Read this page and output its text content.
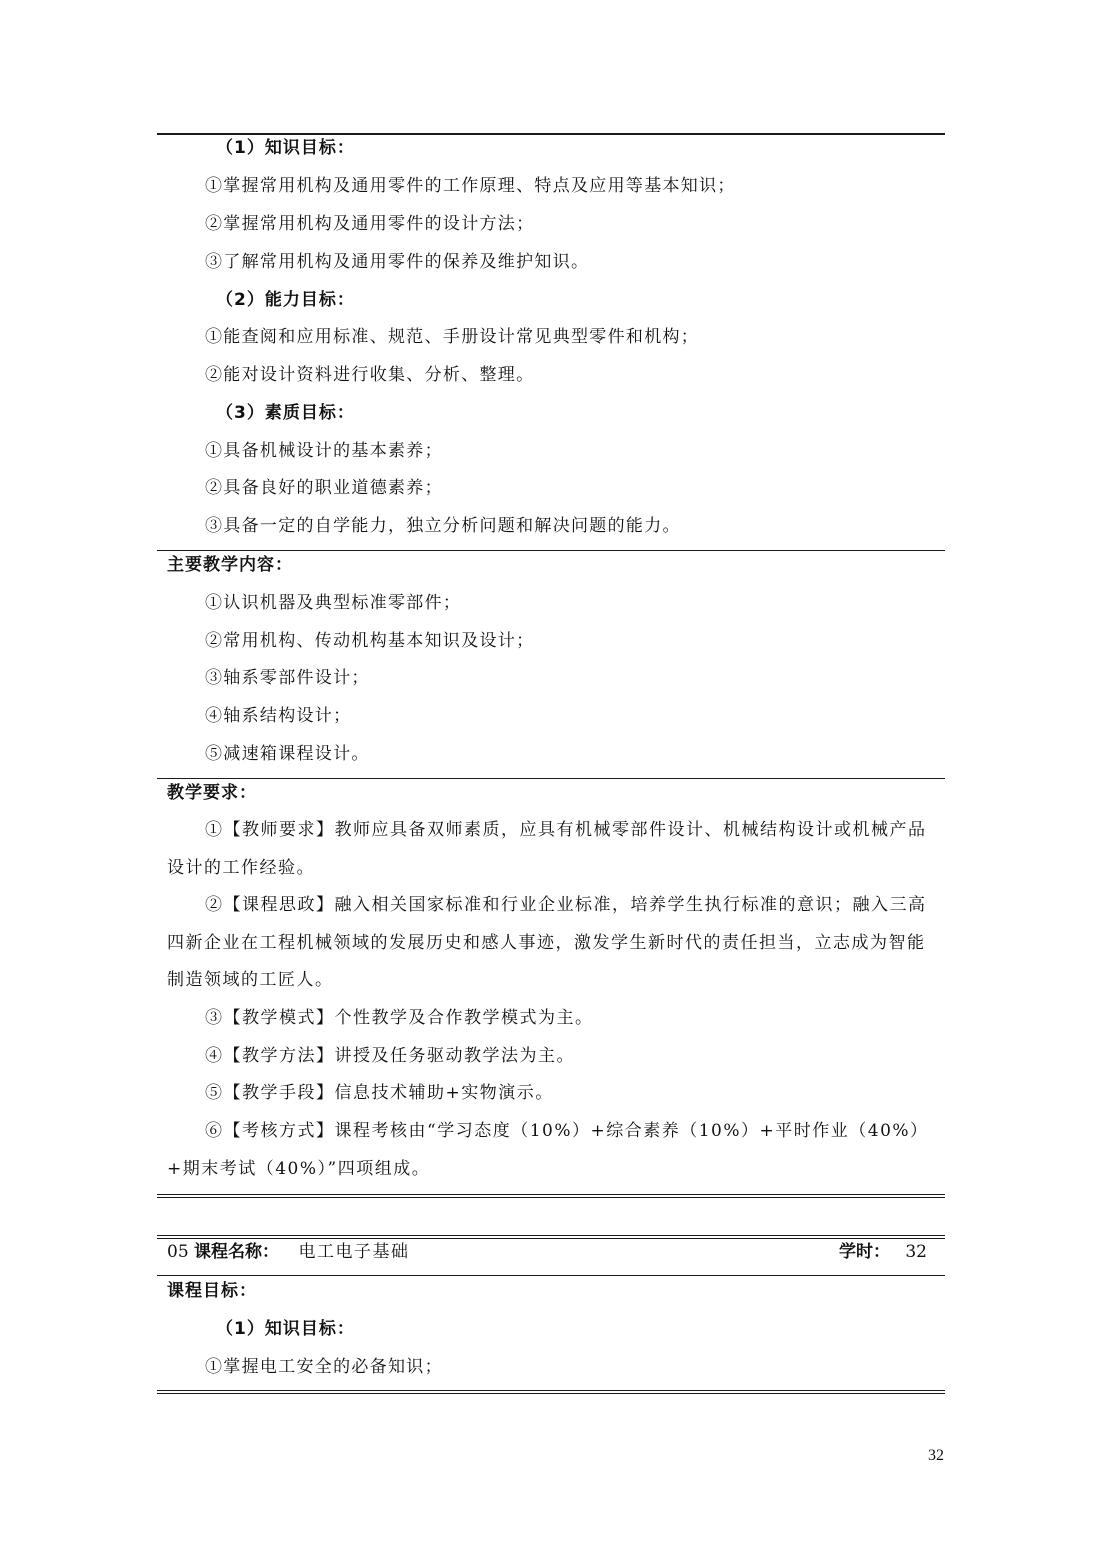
（1）知识目标：
①掌握常用机构及通用零件的工作原理、特点及应用等基本知识；
②掌握常用机构及通用零件的设计方法；
③了解常用机构及通用零件的保养及维护知识。
（2）能力目标：
①能查阅和应用标准、规范、手册设计常见典型零件和机构；
②能对设计资料进行收集、分析、整理。
（3）素质目标：
①具备机械设计的基本素养；
②具备良好的职业道德素养；
③具备一定的自学能力，独立分析问题和解决问题的能力。
主要教学内容：
①认识机器及典型标准零部件；
②常用机构、传动机构基本知识及设计；
③轴系零部件设计；
④轴系结构设计；
⑤减速箱课程设计。
教学要求：
①【教师要求】教师应具备双师素质，应具有机械零部件设计、机械结构设计或机械产品设计的工作经验。
②【课程思政】融入相关国家标准和行业企业标准，培养学生执行标准的意识；融入三高四新企业在工程机械领域的发展历史和感人事迹，激发学生新时代的责任担当，立志成为智能制造领域的工匠人。
③【教学模式】个性教学及合作教学模式为主。
④【教学方法】讲授及任务驱动教学法为主。
⑤【教学手段】信息技术辅助+实物演示。
⑥【考核方式】课程考核由“学习态度（10%）+综合素养（10%）+平时作业（40%）+期末考试（40%）”四项组成。
05 课程名称： 电工电子基础	学时： 32
课程目标：
（1）知识目标：
①掌握电工安全的必备知识；
32
